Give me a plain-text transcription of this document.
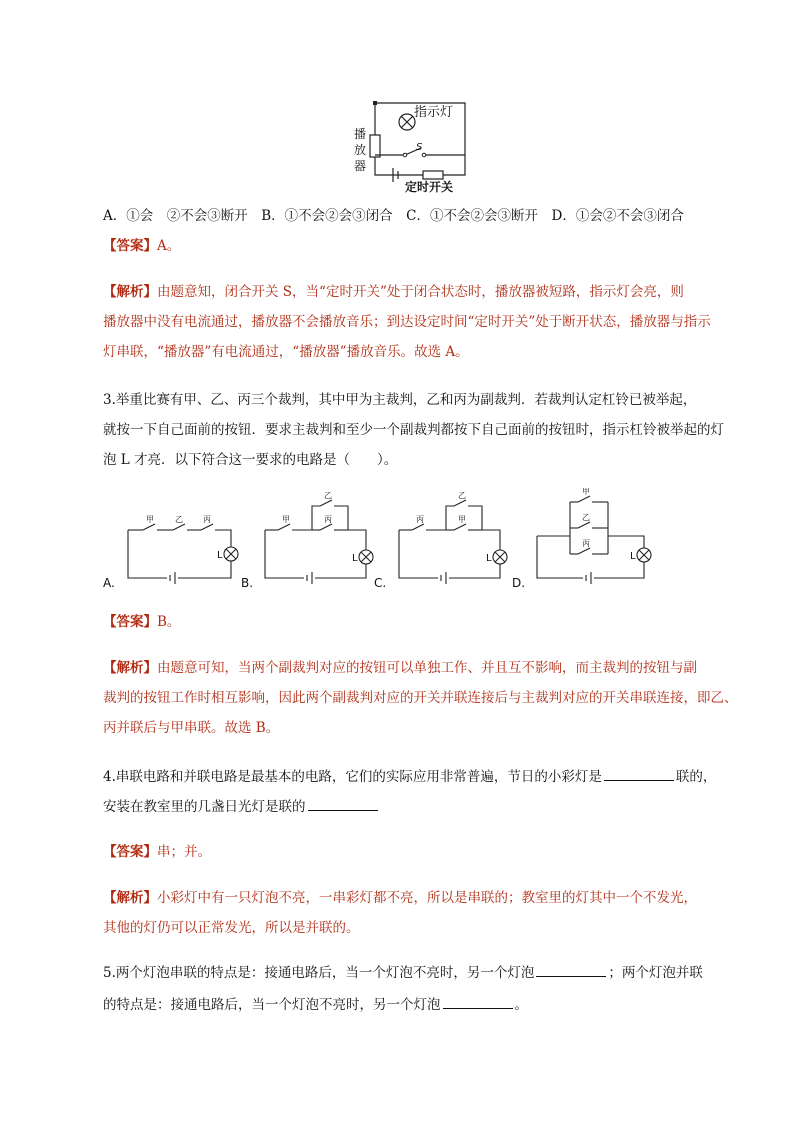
S
指示灯
播
放
器
定时开关
A．①会　②不会③断开　B．①不会②会③闭合　C．①不会②会③断开　D．①会②不会③闭合
【答案】A。
【解析】由题意知，闭合开关 S，当“定时开关”处于闭合状态时，播放器被短路，指示灯会亮，则
播放器中没有电流通过，播放器不会播放音乐；到达设定时间“定时开关”处于断开状态，播放器与指示
灯串联，“播放器”有电流通过，“播放器”播放音乐。故选 A。
3.举重比赛有甲、乙、丙三个裁判，其中甲为主裁判，乙和丙为副裁判．若裁判认定杠铃已被举起，
就按一下自己面前的按钮．要求主裁判和至少一个副裁判都按下自己面前的按钮时，指示杠铃被举起的灯
泡 L 才亮．以下符合这一要求的电路是（　　）。
甲	乙	丙
L
A.
甲
乙
丙
L
B.
丙
乙
甲
L
C.
甲
乙
丙
L
D.
【答案】B。
【解析】由题意可知，当两个副裁判对应的按钮可以单独工作、并且互不影响，而主裁判的按钮与副
裁判的按钮工作时相互影响，因此两个副裁判对应的开关并联连接后与主裁判对应的开关串联连接，即乙、
丙并联后与甲串联。故选 B。
4.串联电路和并联电路是最基本的电路，它们的实际应用非常普遍，节日的小彩灯是	联的，
安装在教室里的几盏日光灯是联的
【答案】串；并。
【解析】小彩灯中有一只灯泡不亮，一串彩灯都不亮，所以是串联的；教室里的灯其中一个不发光，
其他的灯仍可以正常发光，所以是并联的。
5.两个灯泡串联的特点是：接通电路后，当一个灯泡不亮时，另一个灯泡	；两个灯泡并联
的特点是：接通电路后，当一个灯泡不亮时，另一个灯泡	。
